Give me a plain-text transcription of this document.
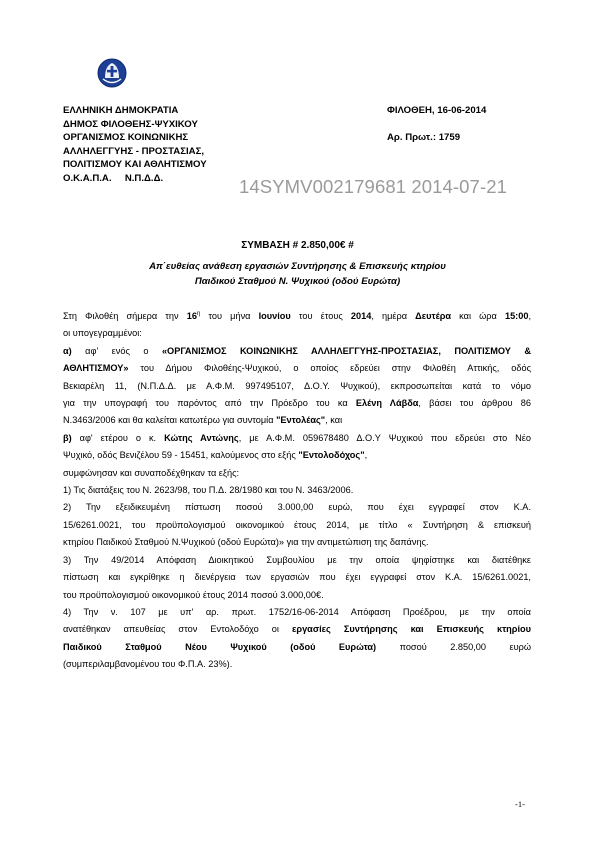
ΕΛΛΗΝΙΚΗ ΔΗΜΟΚΡΑΤΙΑ
ΔΗΜΟΣ ΦΙΛΟΘΕΗΣ-ΨΥΧΙΚΟΥ
ΟΡΓΑΝΙΣΜΟΣ ΚΟΙΝΩΝΙΚΗΣ
ΑΛΛΗΛΕΓΓΥΗΣ - ΠΡΟΣΤΑΣΙΑΣ,
ΠΟΛΙΤΙΣΜΟΥ ΚΑΙ ΑΘΛΗΤΙΣΜΟΥ
Ο.Κ.Α.Π.Α.     Ν.Π.Δ.Δ.
ΦΙΛΟΘΕΗ, 16-06-2014
Αρ. Πρωτ.: 1759
14SYMV002179681 2014-07-21
ΣΥΜΒΑΣΗ # 2.850,00€ #
Απ΄ευθείας ανάθεση εργασιών Συντήρησης & Επισκευής κτηρίου
Παιδικού Σταθμού Ν. Ψυχικού (οδού Ευρώτα)

Στη Φιλοθέη σήμερα την $16^\eta$ του μήνα Ιουνίου του έτους 2014, ημέρα Δευτέρα και ώρα 15:00,

οι υπογεγραμμένοι:

α) αφ' ενός ο «ΟΡΓΑΝΙΣΜΟΣ ΚΟΙΝΩΝΙΚΗΣ ΑΛΛΗΛΕΓΓΥΗΣ-ΠΡΟΣΤΑΣΙΑΣ, ΠΟΛΙΤΙΣΜΟΥ &

ΑΘΛΗΤΙΣΜΟΥ» του Δήμου Φιλοθέης-Ψυχικού, ο οποίος εδρεύει στην Φιλοθέη Αττικής, οδός

Βεκιαρέλη 11, (Ν.Π.Δ.Δ. με Α.Φ.Μ. 997495107, Δ.Ο.Υ. Ψυχικού), εκπροσωπείται κατά το νόμο

για την υπογραφή του παρόντος από την Πρόεδρο του κα Ελένη Λάβδα, βάσει του άρθρου 86

Ν.3463/2006 και θα καλείται κατωτέρω για συντομία "Εντολέας", και

β) αφ' ετέρου ο κ. Κώτης Αντώνης, με Α.Φ.Μ. 059678480 Δ.Ο.Υ Ψυχικού που εδρεύει στο Νέο

Ψυχικό, οδός Βενιζέλου 59 - 15451, καλούμενος στο εξής "Εντολοδόχος",

συμφώνησαν και συναποδέχθηκαν τα εξής:

1) Τις διατάξεις του Ν. 2623/98, του Π.Δ. 28/1980 και του Ν. 3463/2006.

2) Την εξειδικευμένη πίστωση ποσού 3.000,00 ευρώ, που έχει εγγραφεί στον Κ.Α.

15/6261.0021, του προϋπολογισμού οικονομικού έτους 2014, με τίτλο « Συντήρηση & επισκευή

κτηρίου Παιδικού Σταθμού Ν.Ψυχικού (οδού Ευρώτα)» για την αντιμετώπιση της δαπάνης.

3) Την 49/2014 Απόφαση Διοικητικού Συμβουλίου με την οποία ψηφίστηκε και διατέθηκε

πίστωση και εγκρίθηκε η διενέργεια των εργασιών που έχει εγγραφεί στον Κ.Α. 15/6261.0021,

του προϋπολογισμού οικονομικού έτους 2014 ποσού 3.000,00€.

4) Την ν. 107 με υπ' αρ. πρωτ. 1752/16-06-2014 Απόφαση Προέδρου, με την οποία

ανατέθηκαν απευθείας στον Εντολοδόχο οι εργασίες Συντήρησης και Επισκευής κτηρίου

Παιδικού Σταθμού Νέου Ψυχικού (οδού Ευρώτα) ποσού 2.850,00 ευρώ

(συμπεριλαμβανομένου του Φ.Π.Α. 23%).

-1-
